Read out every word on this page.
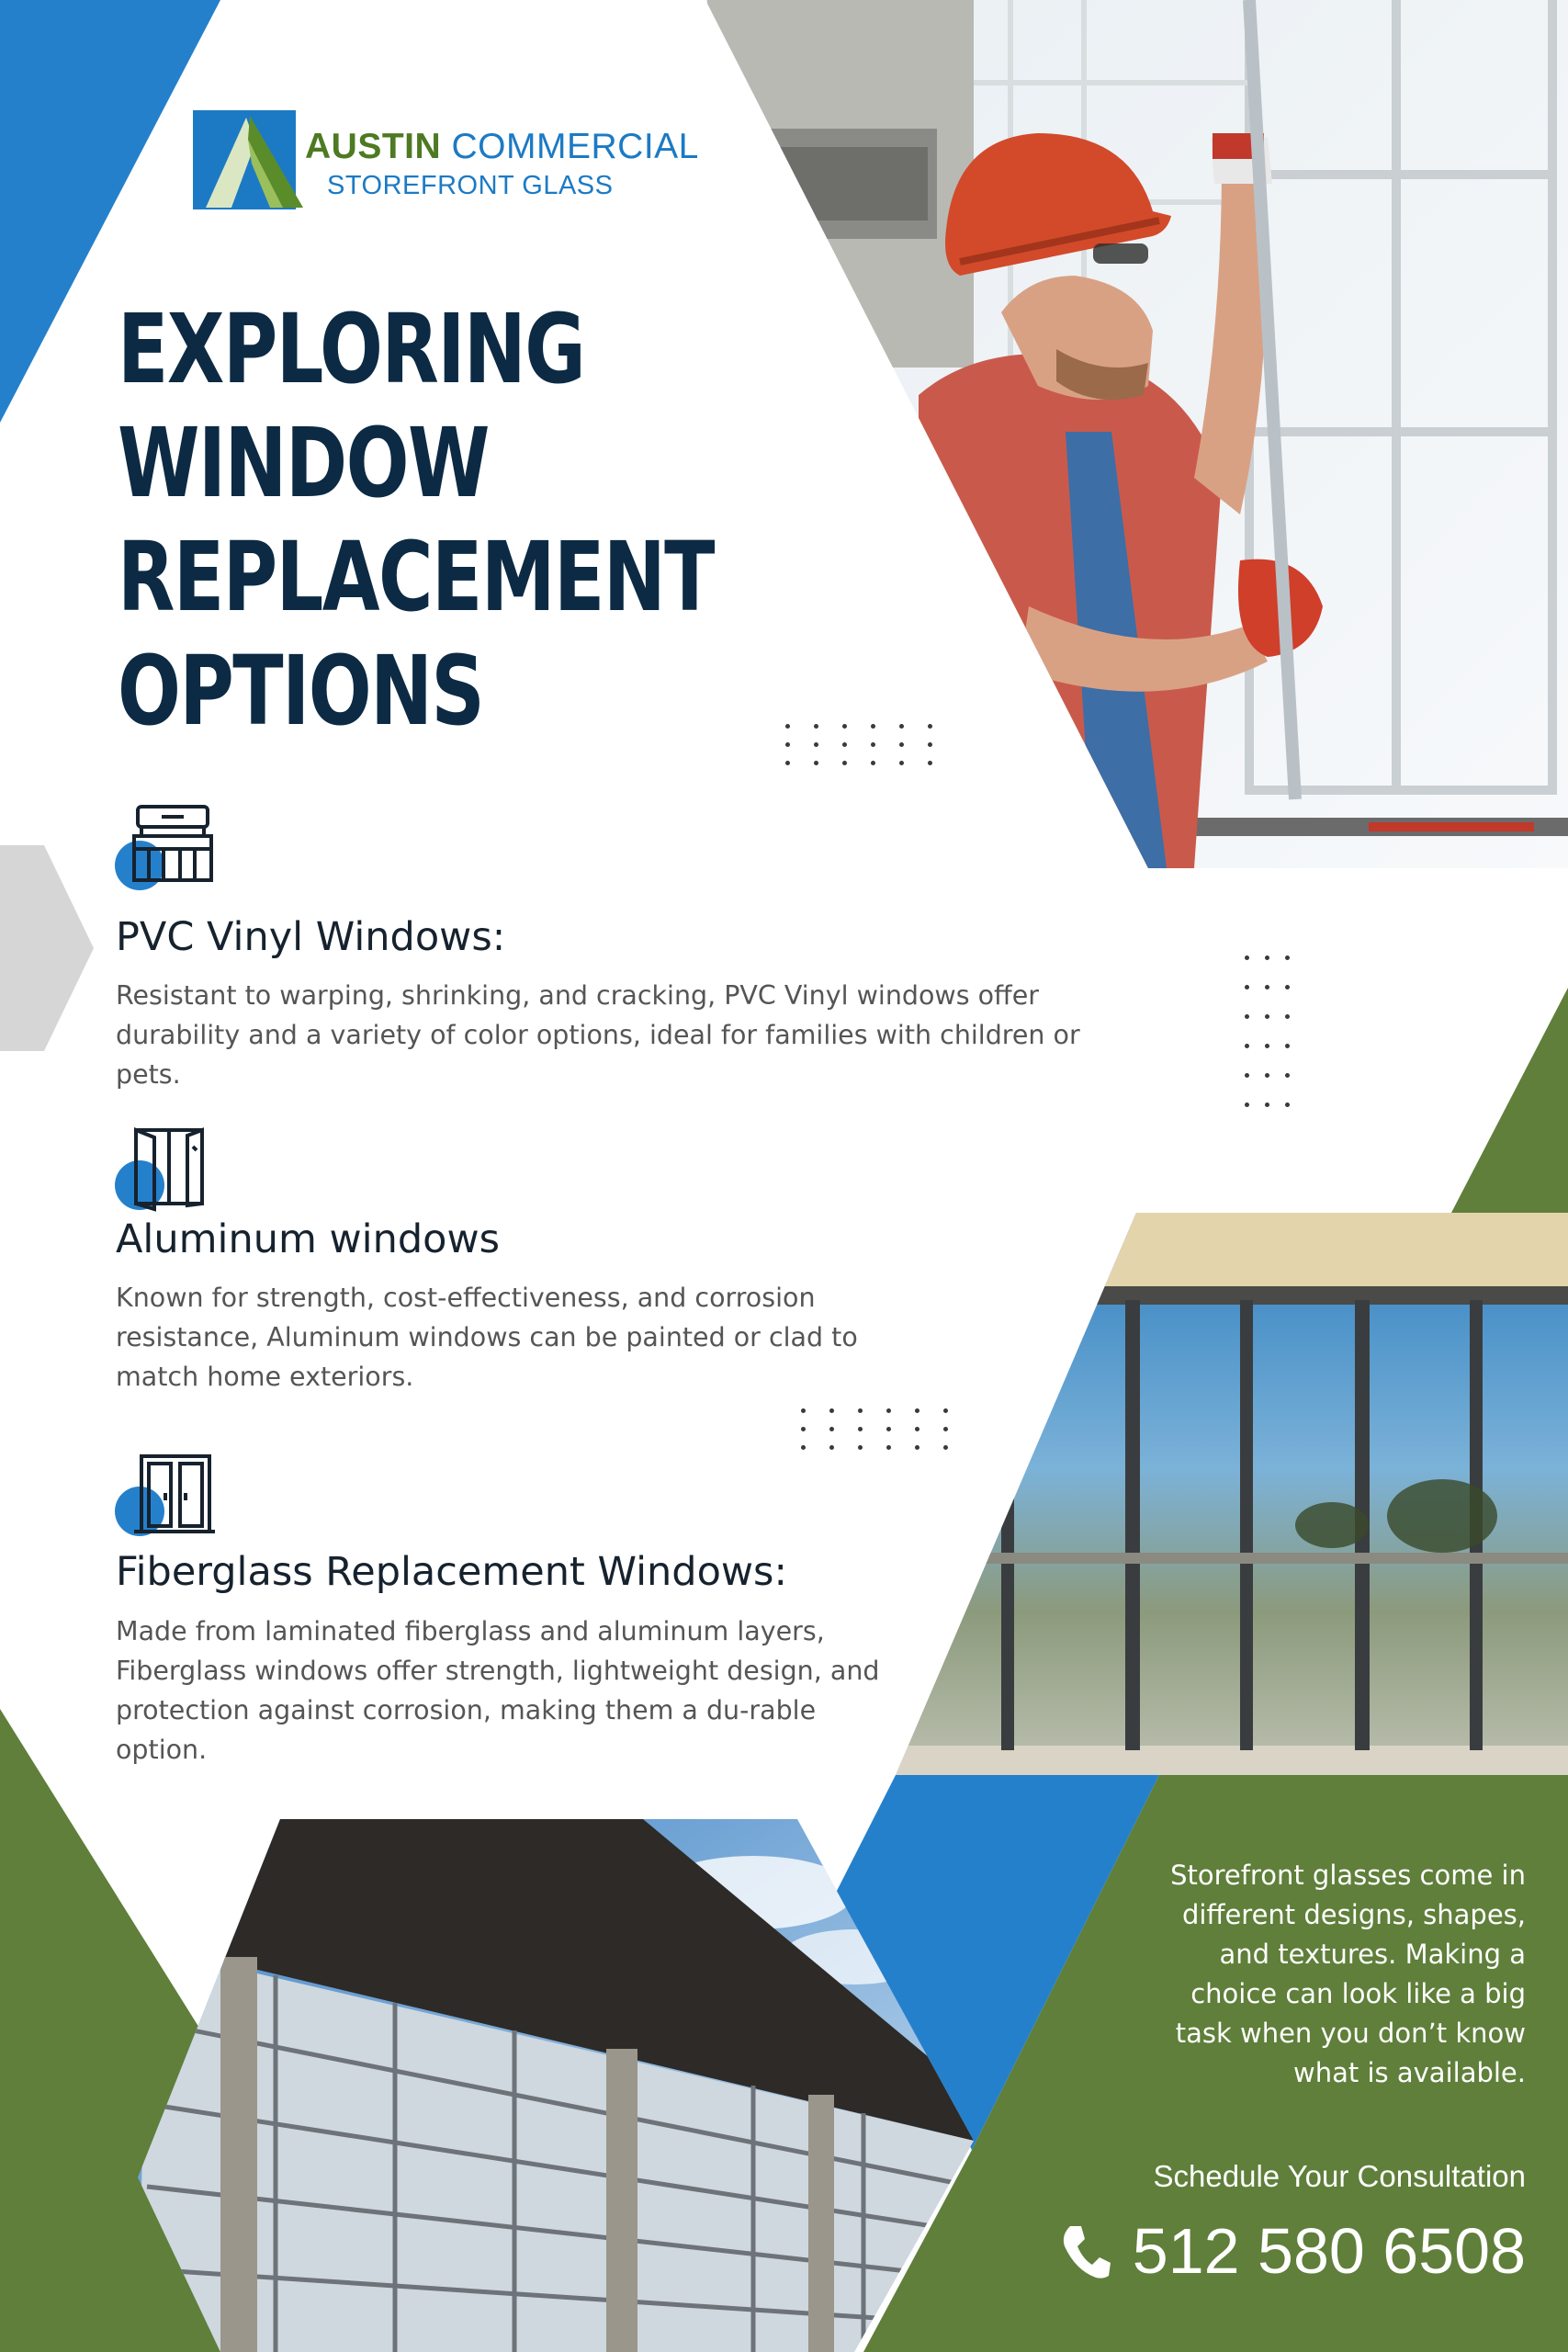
AUSTIN COMMERCIAL
STOREFRONT GLASS
EXPLORING
WINDOW
REPLACEMENT
OPTIONS
PVC Vinyl Windows:

Resistant to warping, shrinking, and cracking, PVC Vinyl windows offer durability and a variety of color options, ideal for families with children or pets.

Aluminum windows

Known for strength, cost-effectiveness, and corrosion resistance, Aluminum windows can be painted or clad to match home exteriors.

Fiberglass Replacement Windows:

Made from laminated fiberglass and aluminum layers, Fiberglass windows offer strength, lightweight design, and protection against corrosion, making them a du-rable option.

Storefront glasses come in different designs, shapes, and textures. Making a choice can look like a big task when you don’t know what is available.

Schedule Your Consultation
512 580 6508
